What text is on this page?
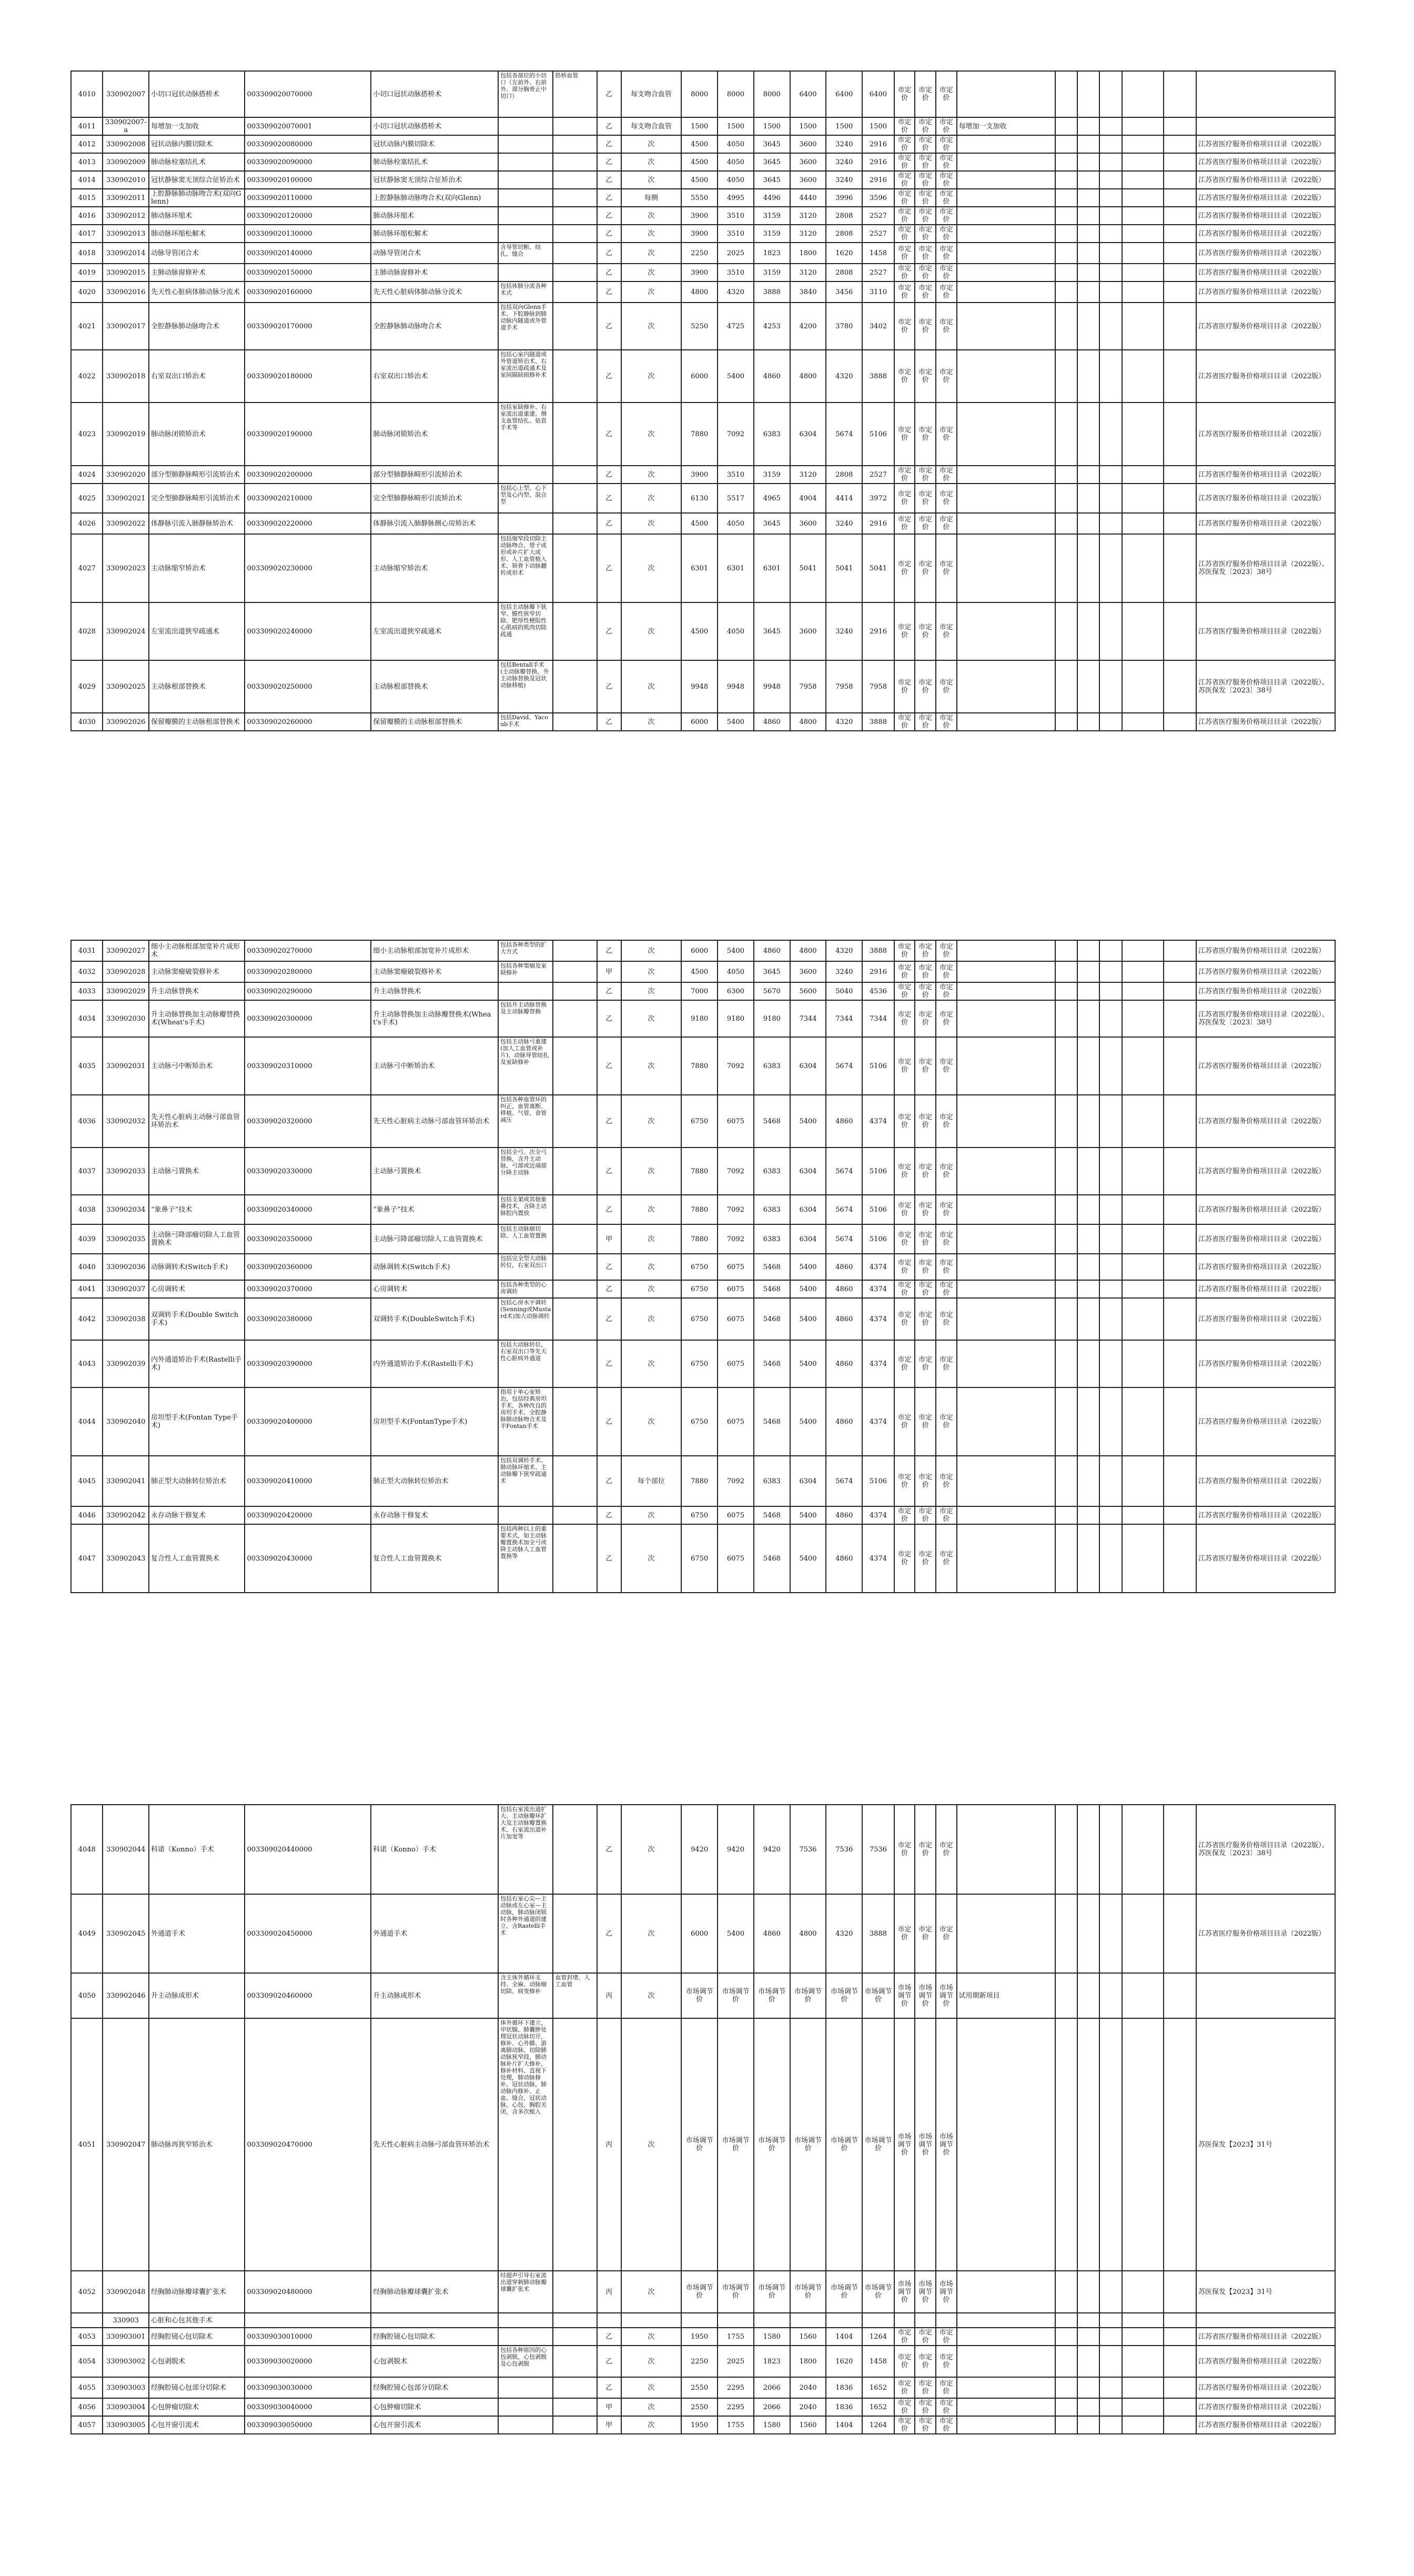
4010	330902007	小切口冠状动脉搭桥术	003309020070000	小切口冠状动脉搭桥术	包括各部位的小切口（左前外、右前外、部分胸骨正中切口）	搭桥血管	乙	每支吻合血管	8000	8000	8000	6400	6400	6400	市定价	市定价	市定价							
4011	330902007-a	每增加一支加收	003309020070001	小切口冠状动脉搭桥术			乙	每支吻合血管	1500	1500	1500	1500	1500	1500	市定价	市定价	市定价	每增加一支加收						
4012	330902008	冠状动脉内膜切除术	003309020080000	冠状动脉内膜切除术			乙	次	4500	4050	3645	3600	3240	2916	市定价	市定价	市定价							江苏省医疗服务价格项目目录（2022版）
4013	330902009	肺动脉栓塞结扎术	003309020090000	肺动脉栓塞结扎术			乙	次	4500	4050	3645	3600	3240	2916	市定价	市定价	市定价							江苏省医疗服务价格项目目录（2022版）
4014	330902010	冠状静脉窦无顶综合征矫治术	003309020100000	冠状静脉窦无顶综合征矫治术			乙	次	4500	4050	3645	3600	3240	2916	市定价	市定价	市定价							江苏省医疗服务价格项目目录（2022版）
4015	330902011	上腔静脉肺动脉吻合术(双向Glenn)	003309020110000	上腔静脉肺动脉吻合术(双向Glenn)			乙	每侧	5550	4995	4496	4440	3996	3596	市定价	市定价	市定价							江苏省医疗服务价格项目目录（2022版）
4016	330902012	肺动脉环缩术	003309020120000	肺动脉环缩术			乙	次	3900	3510	3159	3120	2808	2527	市定价	市定价	市定价							江苏省医疗服务价格项目目录（2022版）
4017	330902013	肺动脉环缩松解术	003309020130000	肺动脉环缩松解术			乙	次	3900	3510	3159	3120	2808	2527	市定价	市定价	市定价							江苏省医疗服务价格项目目录（2022版）
4018	330902014	动脉导管闭合术	003309020140000	动脉导管闭合术	含导管切断、结扎、缝合		乙	次	2250	2025	1823	1800	1620	1458	市定价	市定价	市定价							江苏省医疗服务价格项目目录（2022版）
4019	330902015	主肺动脉窗修补术	003309020150000	主肺动脉窗修补术			乙	次	3900	3510	3159	3120	2808	2527	市定价	市定价	市定价							江苏省医疗服务价格项目目录（2022版）
4020	330902016	先天性心脏病体肺动脉分流术	003309020160000	先天性心脏病体肺动脉分流术	包括体肺分流各种术式		乙	次	4800	4320	3888	3840	3456	3110	市定价	市定价	市定价							江苏省医疗服务价格项目目录（2022版）
4021	330902017	全腔静脉肺动脉吻合术	003309020170000	全腔静脉肺动脉吻合术	包括双向Glenn手术、下腔静脉到肺动脉内隧道或外管道手术		乙	次	5250	4725	4253	4200	3780	3402	市定价	市定价	市定价							江苏省医疗服务价格项目目录（2022版）
4022	330902018	右室双出口矫治术	003309020180000	右室双出口矫治术	包括心室内隧道或外管道矫治术、右室流出道疏通术及室间隔缺损修补术		乙	次	6000	5400	4860	4800	4320	3888	市定价	市定价	市定价							江苏省医疗服务价格项目目录（2022版）
4023	330902019	肺动脉闭锁矫治术	003309020190000	肺动脉闭锁矫治术	包括室缺修补、右室流出道重建、侧支血管结扎、姑息手术等		乙	次	7880	7092	6383	6304	5674	5106	市定价	市定价	市定价							江苏省医疗服务价格项目目录（2022版）
4024	330902020	部分型肺静脉畸形引流矫治术	003309020200000	部分型肺静脉畸形引流矫治术			乙	次	3900	3510	3159	3120	2808	2527	市定价	市定价	市定价							江苏省医疗服务价格项目目录（2022版）
4025	330902021	完全型肺静脉畸形引流矫治术	003309020210000	完全型肺静脉畸形引流矫治术	包括心上型、心下型及心内型、混合型		乙	次	6130	5517	4965	4904	4414	3972	市定价	市定价	市定价							江苏省医疗服务价格项目目录（2022版）
4026	330902022	体静脉引流入肺静脉矫治术	003309020220000	体静脉引流入肺静脉侧心房矫治术			乙	次	4500	4050	3645	3600	3240	2916	市定价	市定价	市定价							江苏省医疗服务价格项目目录（2022版）
4027	330902023	主动脉缩窄矫治术	003309020230000	主动脉缩窄矫治术	包括缩窄段切除主动脉吻合、管子成形或补片扩大成形、人工血管植入术、锁骨下动脉翻转成形术		乙	次	6301	6301	6301	5041	5041	5041	市定价	市定价	市定价							江苏省医疗服务价格项目目录（2022版）、苏医保发〔2023〕38号
4028	330902024	左室流出道狭窄疏通术	003309020240000	左室流出道狭窄疏通术	包括主动脉瓣下狭窄、膜性狭窄切除、肥厚性梗阻性心肌病的肌肉切除疏通		乙	次	4500	4050	3645	3600	3240	2916	市定价	市定价	市定价							江苏省医疗服务价格项目目录（2022版）
4029	330902025	主动脉根部替换术	003309020250000	主动脉根部替换术	包括Bentall手术(主动脉瓣替换、升主动脉替换及冠状动脉移植)		乙	次	9948	9948	9948	7958	7958	7958	市定价	市定价	市定价							江苏省医疗服务价格项目目录（2022版）、苏医保发〔2023〕38号
4030	330902026	保留瓣膜的主动脉根部替换术	003309020260000	保留瓣膜的主动脉根部替换术	包括David、Yacoub手术		乙	次	6000	5400	4860	4800	4320	3888	市定价	市定价	市定价							江苏省医疗服务价格项目目录（2022版）
4031	330902027	细小主动脉根部加宽补片成形术	003309020270000	细小主动脉根部加宽补片成形术	包括各种类型的扩大方式		乙	次	6000	5400	4860	4800	4320	3888	市定价	市定价	市定价							江苏省医疗服务价格项目目录（2022版）
4032	330902028	主动脉窦瘤破裂修补术	003309020280000	主动脉窦瘤破裂修补术	包括各种窦瘤及室缺修补		甲	次	4500	4050	3645	3600	3240	2916	市定价	市定价	市定价							江苏省医疗服务价格项目目录（2022版）
4033	330902029	升主动脉替换术	003309020290000	升主动脉替换术			乙	次	7000	6300	5670	5600	5040	4536	市定价	市定价	市定价							江苏省医疗服务价格项目目录（2022版）
4034	330902030	升主动脉替换加主动脉瓣替换术(Wheat's手术)	003309020300000	升主动脉替换加主动脉瓣替换术(Wheat's手术)	包括升主动脉替换及主动脉瓣替换		乙	次	9180	9180	9180	7344	7344	7344	市定价	市定价	市定价							江苏省医疗服务价格项目目录（2022版）、苏医保发〔2023〕38号
4035	330902031	主动脉弓中断矫治术	003309020310000	主动脉弓中断矫治术	包括主动脉弓重建(加人工血管或补片)、动脉导管结扎及室缺修补		乙	次	7880	7092	6383	6304	5674	5106	市定价	市定价	市定价							江苏省医疗服务价格项目目录（2022版）
4036	330902032	先天性心脏病主动脉弓部血管环矫治术	003309020320000	先天性心脏病主动脉弓部血管环矫治术	包括各种血管环的纠正，血管离断、移植、气管、食管减压		乙	次	6750	6075	5468	5400	4860	4374	市定价	市定价	市定价							江苏省医疗服务价格项目目录（2022版）
4037	330902033	主动脉弓置换术	003309020330000	主动脉弓置换术	包括全弓、次全弓替换，含升主动脉、弓部或近端部分降主动脉		乙	次	7880	7092	6383	6304	5674	5106	市定价	市定价	市定价							江苏省医疗服务价格项目目录（2022版）
4038	330902034	“象鼻子”技术	003309020340000	“象鼻子”技术	包括支架或其他象鼻技术，含降主动脉腔内置放		乙	次	7880	7092	6383	6304	5674	5106	市定价	市定价	市定价							江苏省医疗服务价格项目目录（2022版）
4039	330902035	主动脉弓降部瘤切除人工血管置换术	003309020350000	主动脉弓降部瘤切除人工血管置换术	包括主动脉瘤切除、人工血管置换		甲	次	7880	7092	6383	6304	5674	5106	市定价	市定价	市定价							江苏省医疗服务价格项目目录（2022版）
4040	330902036	动脉调转术(Switch手术)	003309020360000	动脉调转术(Switch手术)	包括完全型大动脉转位，右室双出口		乙	次	6750	6075	5468	5400	4860	4374	市定价	市定价	市定价							江苏省医疗服务价格项目目录（2022版）
4041	330902037	心房调转术	003309020370000	心房调转术	包括各种类型的心房调转		乙	次	6750	6075	5468	5400	4860	4374	市定价	市定价	市定价							江苏省医疗服务价格项目目录（2022版）
4042	330902038	双调转手术(Double Switch手术)	003309020380000	双调转手术(DoubleSwitch手术)	包括心房水平调转(Senning或Mustard术)加大动脉调转		乙	次	6750	6075	5468	5400	4860	4374	市定价	市定价	市定价							江苏省医疗服务价格项目目录（2022版）
4043	330902039	内外通道矫治手术(Rastelli手术)	003309020390000	内外通道矫治手术(Rastelli手术)	包括大动脉转位，右室双出口等先天性心脏病外通道		乙	次	6750	6075	5468	5400	4860	4374	市定价	市定价	市定价							江苏省医疗服务价格项目目录（2022版）
4044	330902040	房坦型手术(Fontan Type手术)	003309020400000	房坦型手术(FontanType手术)	指用于单心室矫治，包括经典房坦手术，各种改良的房坦手术、全腔静脉肺动脉吻合术及半Fontan手术		乙	次	6750	6075	5468	5400	4860	4374	市定价	市定价	市定价							江苏省医疗服务价格项目目录（2022版）
4045	330902041	肺正型大动脉转位矫治术	003309020410000	肺正型大动脉转位矫治术	包括双调转手术、肺动脉环缩术、主动脉瓣下狭窄疏通术		乙	每个部位	7880	7092	6383	6304	5674	5106	市定价	市定价	市定价							江苏省医疗服务价格项目目录（2022版）
4046	330902042	永存动脉干修复术	003309020420000	永存动脉干修复术			乙	次	6750	6075	5468	5400	4860	4374	市定价	市定价	市定价							江苏省医疗服务价格项目目录（2022版）
4047	330902043	复合性人工血管置换术	003309020430000	复合性人工血管置换术	包括两种以上的重要术式，如主动脉瓣置换术加全弓或降主动脉人工血管置换等		乙	次	6750	6075	5468	5400	4860	4374	市定价	市定价	市定价							江苏省医疗服务价格项目目录（2022版）
4048	330902044	科诺（Konno）手术	003309020440000	科诺（Konno）手术	包括右室流出道扩大、主动脉瓣环扩大及主动脉瓣置换术、右室流出道补片加宽等		乙	次	9420	9420	9420	7536	7536	7536	市定价	市定价	市定价							江苏省医疗服务价格项目目录（2022版）、苏医保发〔2023〕38号
4049	330902045	外通道手术	003309020450000	外通道手术	包括右室心尖—主动脉或左心室—主动脉，肺动脉闭锁时各种外通道的建立、含Rastelli手术		乙	次	6000	5400	4860	4800	4320	3888	市定价	市定价	市定价							江苏省医疗服务价格项目目录（2022版）
4050	330902046	升主动脉成形术	003309020460000	升主动脉成形术	含主体外循环支持、全麻、动脉瘤切除、病变修补	血管封堵、人工血管	丙	次	市场调节价	市场调节价	市场调节价	市场调节价	市场调节价	市场调节价	市场调节价	市场调节价	市场调节价	试用期新项目						
4051	330902047	肺动脉再狭窄矫治术	003309020470000	先天性心脏病主动脉弓部血管环矫治术	体外循环下建立，甲状腺，肺囊肿处理冠状动脉切开，修补、心外膜、游离肺动脉、切除肺动脉狭窄段，肺动脉补片扩大修补，修补材料、直视下处理，肺动脉修补，冠状动脉，肺动脉内修补、止血、缝合，冠状动脉，心包、胸腔关闭，含多次植入		丙	次	市场调节价	市场调节价	市场调节价	市场调节价	市场调节价	市场调节价	市场调节价	市场调节价	市场调节价							苏医保发【2023】31号
4052	330902048	经胸肺动脉瓣球囊扩张术	003309020480000	经胸肺动脉瓣球囊扩张术	经超声引导右室流出道穿刺肺动脉瓣球囊扩张术		丙	次	市场调节价	市场调节价	市场调节价	市场调节价	市场调节价	市场调节价	市场调节价	市场调节价	市场调节价							苏医保发【2023】31号
	330903	心脏和心包其他手术																						
4053	330903001	经胸腔镜心包切除术	003309030010000	经胸腔镜心包切除术			乙	次	1950	1755	1580	1560	1404	1264	市定价	市定价	市定价							江苏省医疗服务价格项目目录（2022版）
4054	330903002	心包剥脱术	003309030020000	心包剥脱术	包括各种原因的心包剥脱，心包剥脱及心包剥脱		乙	次	2250	2025	1823	1800	1620	1458	市定价	市定价	市定价							江苏省医疗服务价格项目目录（2022版）
4055	330903003	经胸腔镜心包部分切除术	003309030030000	经胸腔镜心包部分切除术			乙	次	2550	2295	2066	2040	1836	1652	市定价	市定价	市定价							江苏省医疗服务价格项目目录（2022版）
4056	330903004	心包肿瘤切除术	003309030040000	心包肿瘤切除术			甲	次	2550	2295	2066	2040	1836	1652	市定价	市定价	市定价							江苏省医疗服务价格项目目录（2022版）
4057	330903005	心包开窗引流术	003309030050000	心包开窗引流术			甲	次	1950	1755	1580	1560	1404	1264	市定价	市定价	市定价							江苏省医疗服务价格项目目录（2022版）
